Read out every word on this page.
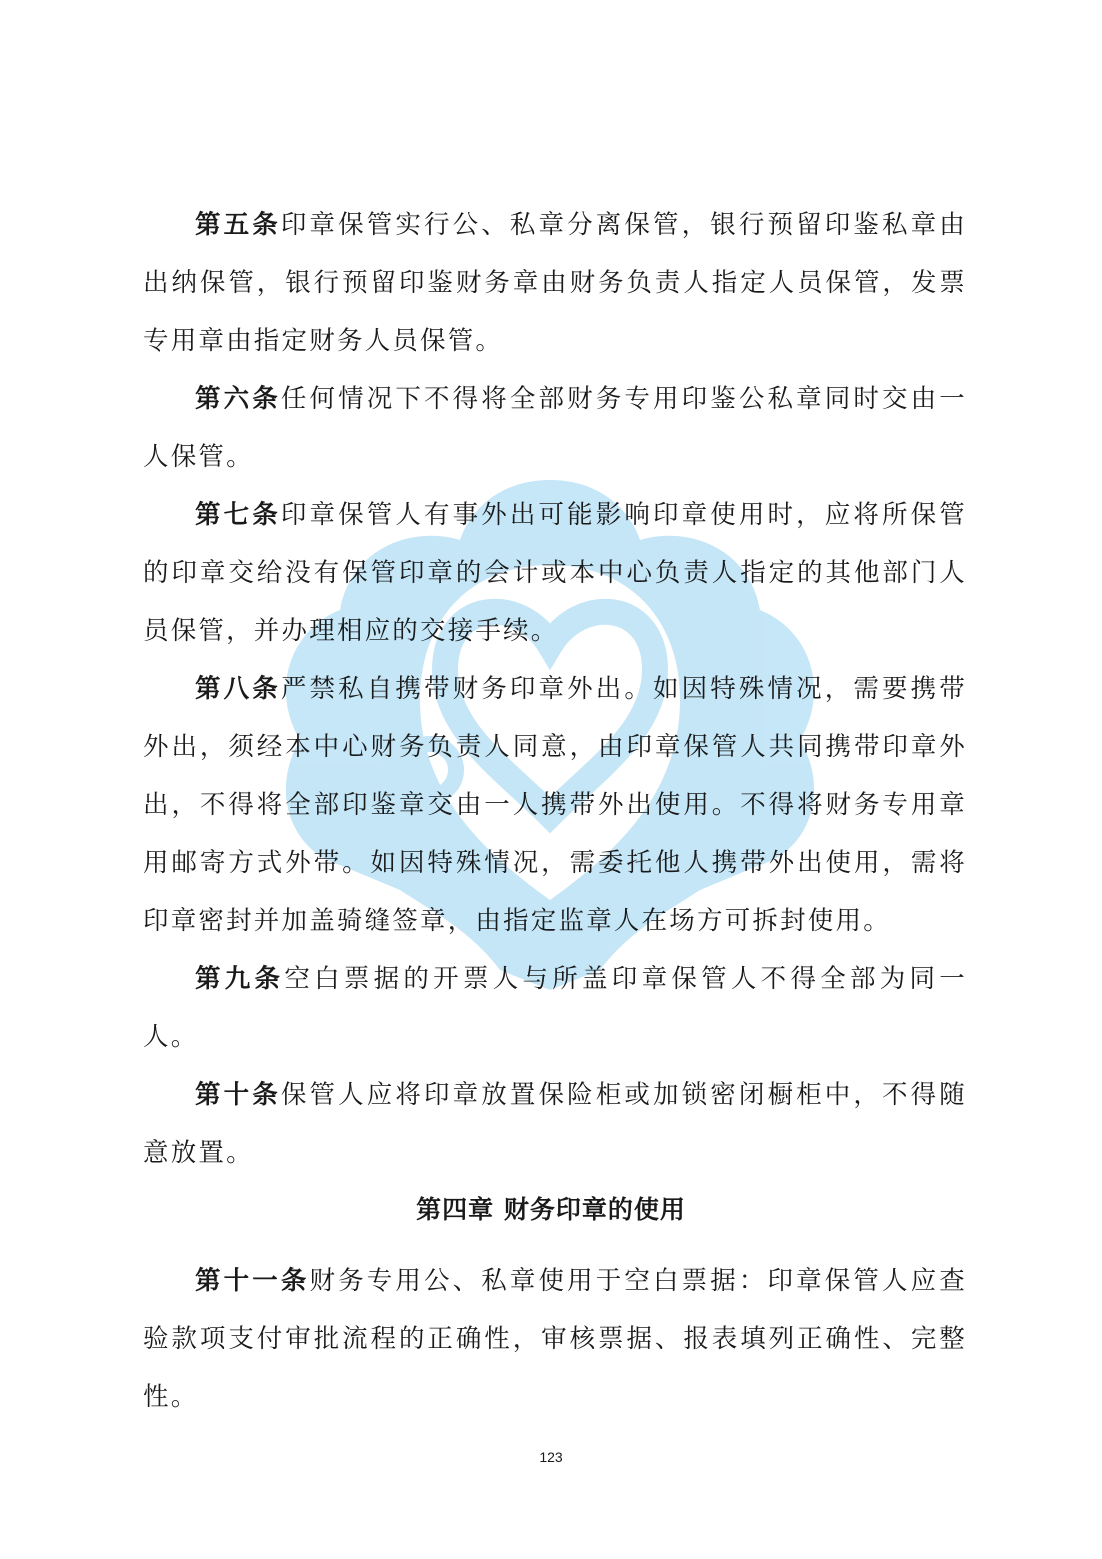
第五条印章保管实行公、私章分离保管，银行预留印鉴私章由出纳保管，银行预留印鉴财务章由财务负责人指定人员保管，发票专用章由指定财务人员保管。

第六条任何情况下不得将全部财务专用印鉴公私章同时交由一人保管。

第七条印章保管人有事外出可能影响印章使用时，应将所保管的印章交给没有保管印章的会计或本中心负责人指定的其他部门人员保管，并办理相应的交接手续。

第八条严禁私自携带财务印章外出。如因特殊情况，需要携带外出，须经本中心财务负责人同意，由印章保管人共同携带印章外出，不得将全部印鉴章交由一人携带外出使用。不得将财务专用章用邮寄方式外带。如因特殊情况，需委托他人携带外出使用，需将印章密封并加盖骑缝签章，由指定监章人在场方可拆封使用。

第九条空白票据的开票人与所盖印章保管人不得全部为同一人。

第十条保管人应将印章放置保险柜或加锁密闭橱柜中，不得随意放置。

第四章 财务印章的使用

第十一条财务专用公、私章使用于空白票据：印章保管人应查验款项支付审批流程的正确性，审核票据、报表填列正确性、完整性。

123
